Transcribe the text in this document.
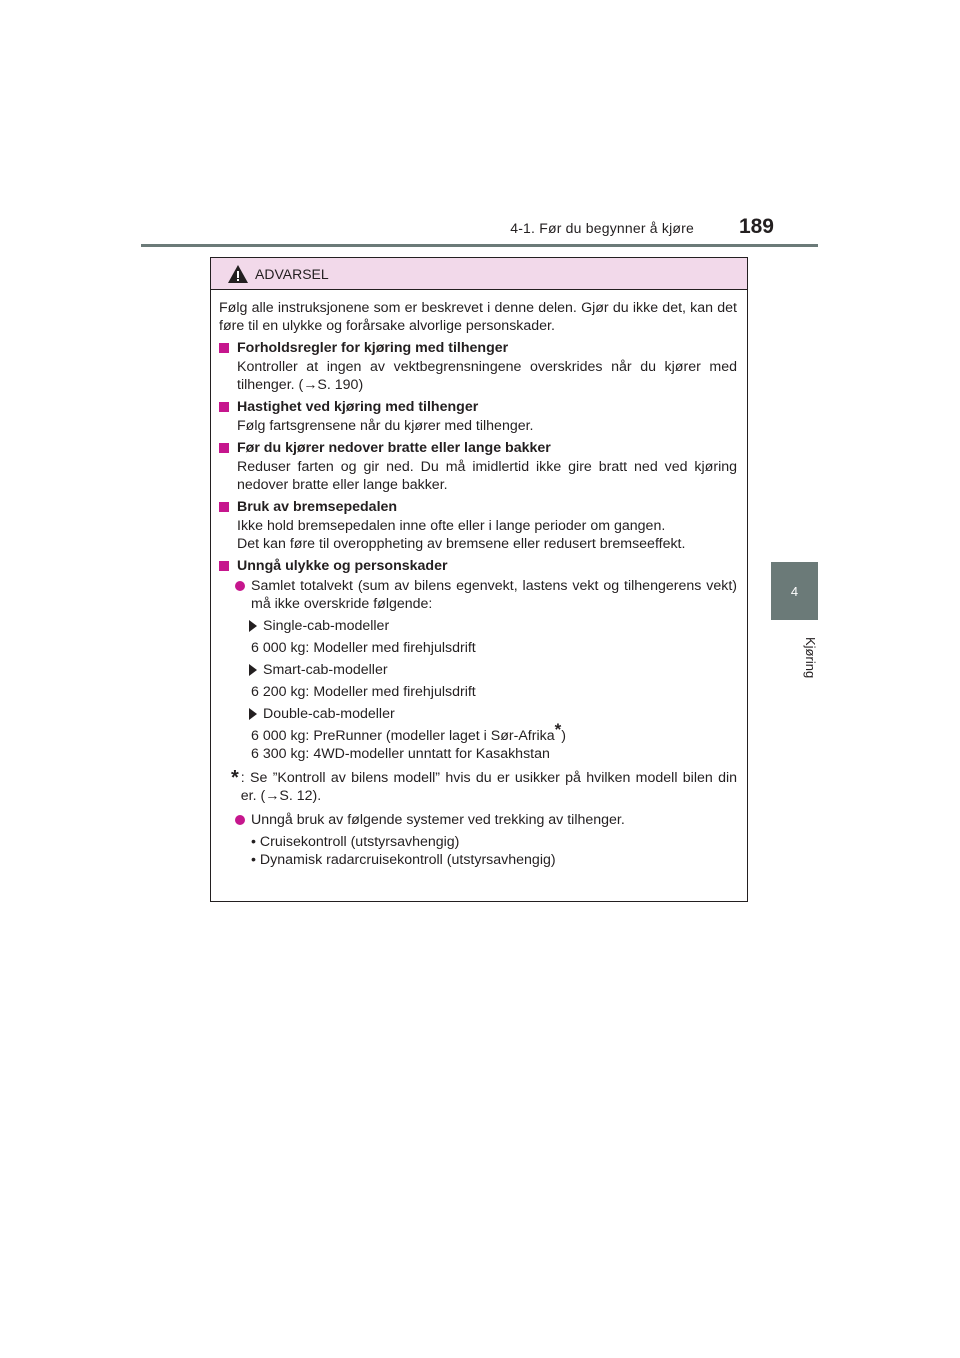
4-1. Før du begynner å kjøre 189
4
Kjøring
ADVARSEL

Følg alle instruksjonene som er beskrevet i denne delen. Gjør du ikke det, kan det føre til en ulykke og forårsake alvorlige personskader.

Forholdsregler for kjøring med tilhenger
Kontroller at ingen av vektbegrensningene overskrides når du kjører med tilhenger. (→S. 190)
Hastighet ved kjøring med tilhenger
Følg fartsgrensene når du kjører med tilhenger.
Før du kjører nedover bratte eller lange bakker
Reduser farten og gir ned. Du må imidlertid ikke gire bratt ned ved kjøring nedover bratte eller lange bakker.
Bruk av bremsepedalen

Ikke hold bremsepedalen inne ofte eller i lange perioder om gangen.

Det kan føre til overoppheting av bremsene eller redusert bremseeffekt.

Unngå ulykke og personskader
Samlet totalvekt (sum av bilens egenvekt, lastens vekt og tilhengerens vekt) må ikke overskride følgende:
Single-cab-modeller
6 000 kg: Modeller med firehjulsdrift
Smart-cab-modeller
6 200 kg: Modeller med firehjulsdrift
Double-cab-modeller

6 000 kg: PreRunner (modeller laget i Sør-Afrika*)

6 300 kg: 4WD-modeller unntatt for Kasakhstan

* : Se ”Kontroll av bilens modell” hvis du er usikker på hvilken modell bilen din er. (→S. 12).
Unngå bruk av følgende systemer ved trekking av tilhenger.
• Cruisekontroll (utstyrsavhengig)
• Dynamisk radarcruisekontroll (utstyrsavhengig)
